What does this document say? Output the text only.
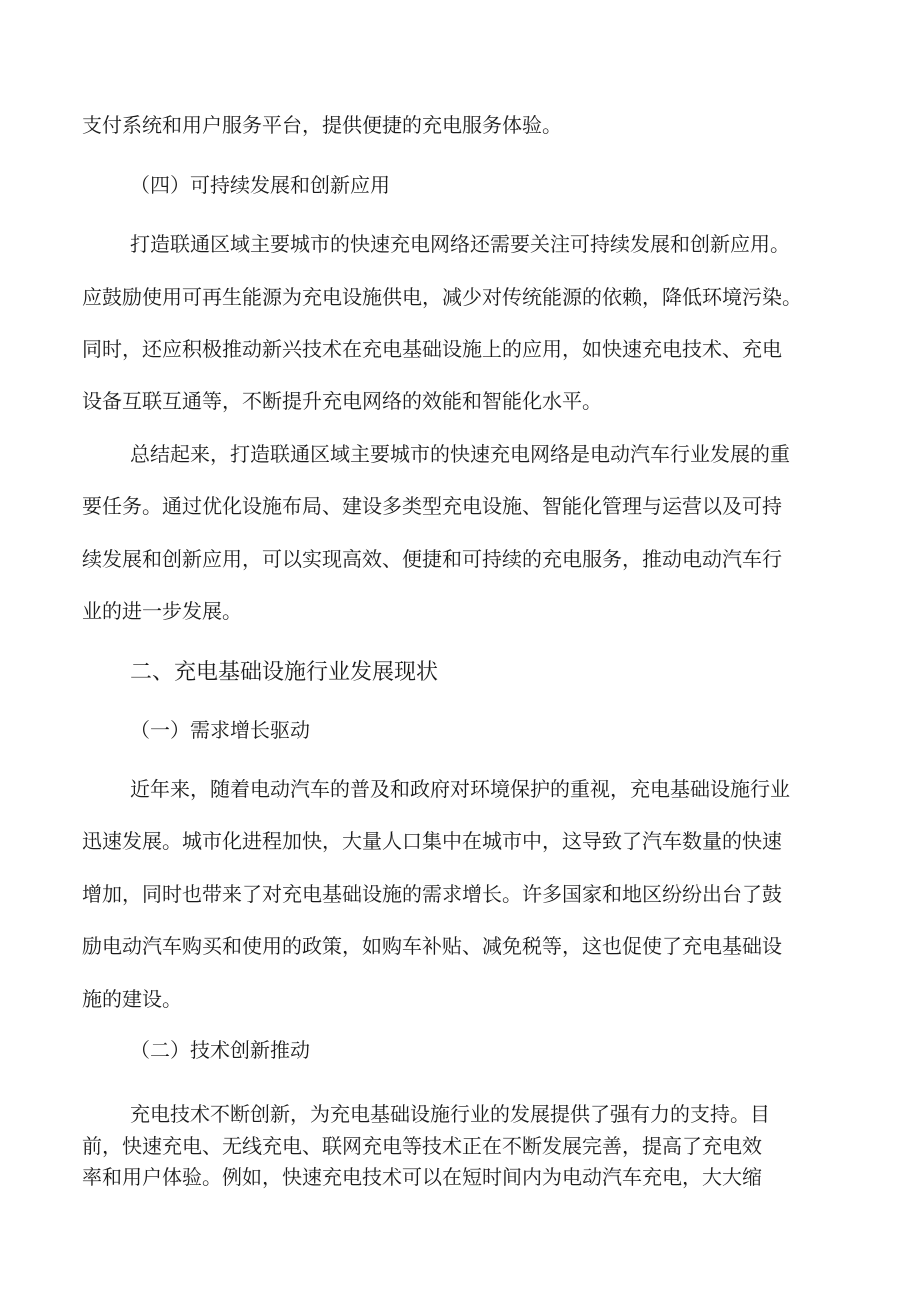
支付系统和用户服务平台，提供便捷的充电服务体验。
（四）可持续发展和创新应用
打造联通区域主要城市的快速充电网络还需要关注可持续发展和创新应用。
应鼓励使用可再生能源为充电设施供电，减少对传统能源的依赖，降低环境污染。
同时，还应积极推动新兴技术在充电基础设施上的应用，如快速充电技术、充电
设备互联互通等，不断提升充电网络的效能和智能化水平。
总结起来，打造联通区域主要城市的快速充电网络是电动汽车行业发展的重
要任务。通过优化设施布局、建设多类型充电设施、智能化管理与运营以及可持
续发展和创新应用，可以实现高效、便捷和可持续的充电服务，推动电动汽车行
业的进一步发展。
二、充电基础设施行业发展现状
（一）需求增长驱动
近年来，随着电动汽车的普及和政府对环境保护的重视，充电基础设施行业
迅速发展。城市化进程加快，大量人口集中在城市中，这导致了汽车数量的快速
增加，同时也带来了对充电基础设施的需求增长。许多国家和地区纷纷出台了鼓
励电动汽车购买和使用的政策，如购车补贴、减免税等，这也促使了充电基础设
施的建设。
（二）技术创新推动
充电技术不断创新，为充电基础设施行业的发展提供了强有力的支持。目
前，快速充电、无线充电、联网充电等技术正在不断发展完善，提高了充电效
率和用户体验。例如，快速充电技术可以在短时间内为电动汽车充电，大大缩
